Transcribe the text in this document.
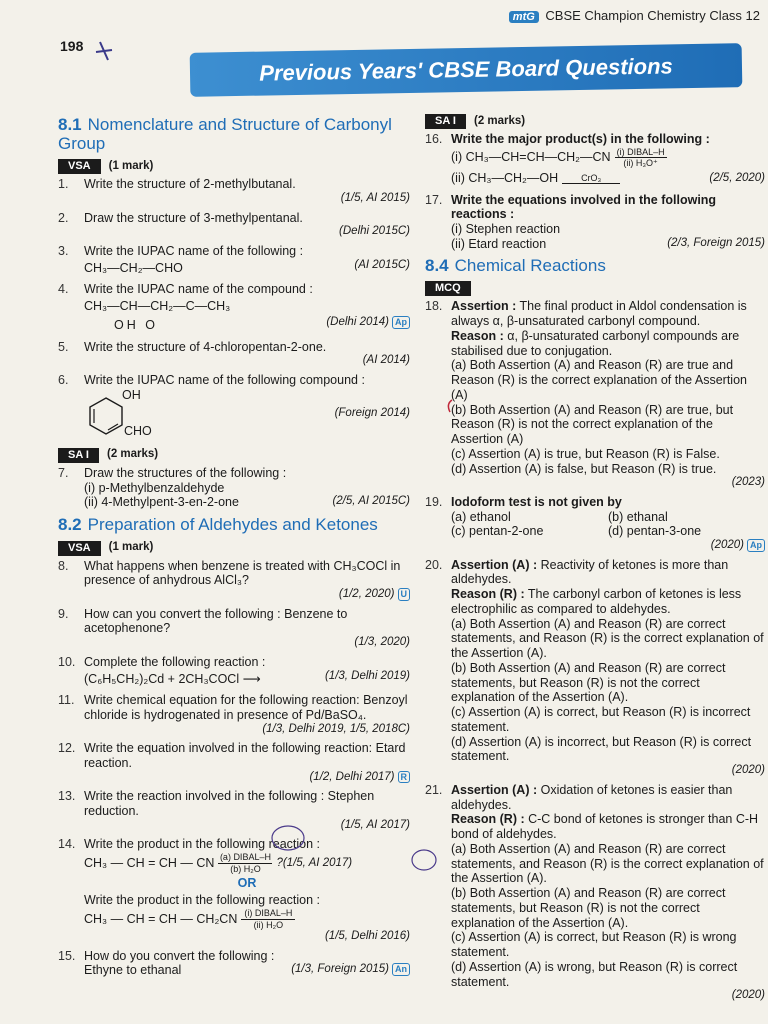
mtG CBSE Champion Chemistry Class 12
198
Previous Years' CBSE Board Questions
8.1 Nomenclature and Structure of Carbonyl Group
VSA	(1 mark)
1.	Write the structure of 2-methylbutanal.
(1/5, AI 2015)
2.	Draw the structure of 3-methylpentanal.
(Delhi 2015C)
3.	Write the IUPAC name of the following :
CH₃—CH₂—CHO	(AI 2015C)
4.	Write the IUPAC name of the compound :
CH₃—CH—CH₂—C—CH₃
OH O	(Delhi 2014) Ap
5.	Write the structure of 4-chloropentan-2-one.
(AI 2014)
6.	Write the IUPAC name of the following compound :
OH
CHO
(Foreign 2014)
SA I	(2 marks)
7.	Draw the structures of the following :
(i) p-Methylbenzaldehyde
(ii) 4-Methylpent-3-en-2-one	(2/5, AI 2015C)
8.2 Preparation of Aldehydes and Ketones
VSA	(1 mark)
8.	What happens when benzene is treated with CH₃COCl in presence of anhydrous AlCl₃?
(1/2, 2020) U
9.	How can you convert the following : Benzene to acetophenone?
(1/3, 2020)
10. Complete the following reaction :
(C₆H₅CH₂)₂Cd + 2CH₃COCl ⟶	(1/3, Delhi 2019)
11. Write chemical equation for the following reaction: Benzoyl chloride is hydrogenated in presence of Pd/BaSO₄.
(1/3, Delhi 2019, 1/5, 2018C)
12. Write the equation involved in the following reaction: Etard reaction.
(1/2, Delhi 2017) R
13. Write the reaction involved in the following : Stephen reduction.
(1/5, AI 2017)
14. Write the product in the following reaction :
CH₃ — CH = CH — CN (a) DIBAL–H
(b) H₂O
?(1/5, AI 2017)
OR
Write the product in the following reaction :
CH₃ — CH = CH — CH₂CN (i) DIBAL–H
(ii) H₂O
(1/5, Delhi 2016)
15. How do you convert the following :
Ethyne to ethanal	(1/3, Foreign 2015) An
SA I	(2 marks)
16. Write the major product(s) in the following :
(i) CH₃—CH=CH—CH₂—CN (i) DIBAL–H
(ii) H₃O⁺
(ii) CH₃—CH₂—OH	CrO₃	(2/5, 2020)
17. Write the equations involved in the following reactions :
(i) Stephen reaction
(ii) Etard reaction	(2/3, Foreign 2015)
8.4 Chemical Reactions
MCQ
18. Assertion : The final product in Aldol condensation is always α, β-unsaturated carbonyl compound.
Reason : α, β-unsaturated carbonyl compounds are stabilised due to conjugation.
(a) Both Assertion (A) and Reason (R) are true and Reason (R) is the correct explanation of the Assertion (A)
(b) Both Assertion (A) and Reason (R) are true, but Reason (R) is not the correct explanation of the Assertion (A)
(c) Assertion (A) is true, but Reason (R) is False.
(d) Assertion (A) is false, but Reason (R) is true.
(2023)
19. Iodoform test is not given by
(a) ethanol	(b) ethanal
(c) pentan-2-one	(d) pentan-3-one
(2020) Ap
20. Assertion (A) : Reactivity of ketones is more than aldehydes.
Reason (R) : The carbonyl carbon of ketones is less electrophilic as compared to aldehydes.
(a) Both Assertion (A) and Reason (R) are correct statements, and Reason (R) is the correct explanation of the Assertion (A).
(b) Both Assertion (A) and Reason (R) are correct statements, but Reason (R) is not the correct explanation of the Assertion (A).
(c) Assertion (A) is correct, but Reason (R) is incorrect statement.
(d) Assertion (A) is incorrect, but Reason (R) is correct statement.
(2020)
21. Assertion (A) : Oxidation of ketones is easier than aldehydes.
Reason (R) : C-C bond of ketones is stronger than C-H bond of aldehydes.
(a) Both Assertion (A) and Reason (R) are correct statements, and Reason (R) is the correct explanation of the Assertion (A).
(b) Both Assertion (A) and Reason (R) are correct statements, but Reason (R) is not the correct explanation of the Assertion (A).
(c) Assertion (A) is correct, but Reason (R) is wrong statement.
(d) Assertion (A) is wrong, but Reason (R) is correct statement.
(2020)
